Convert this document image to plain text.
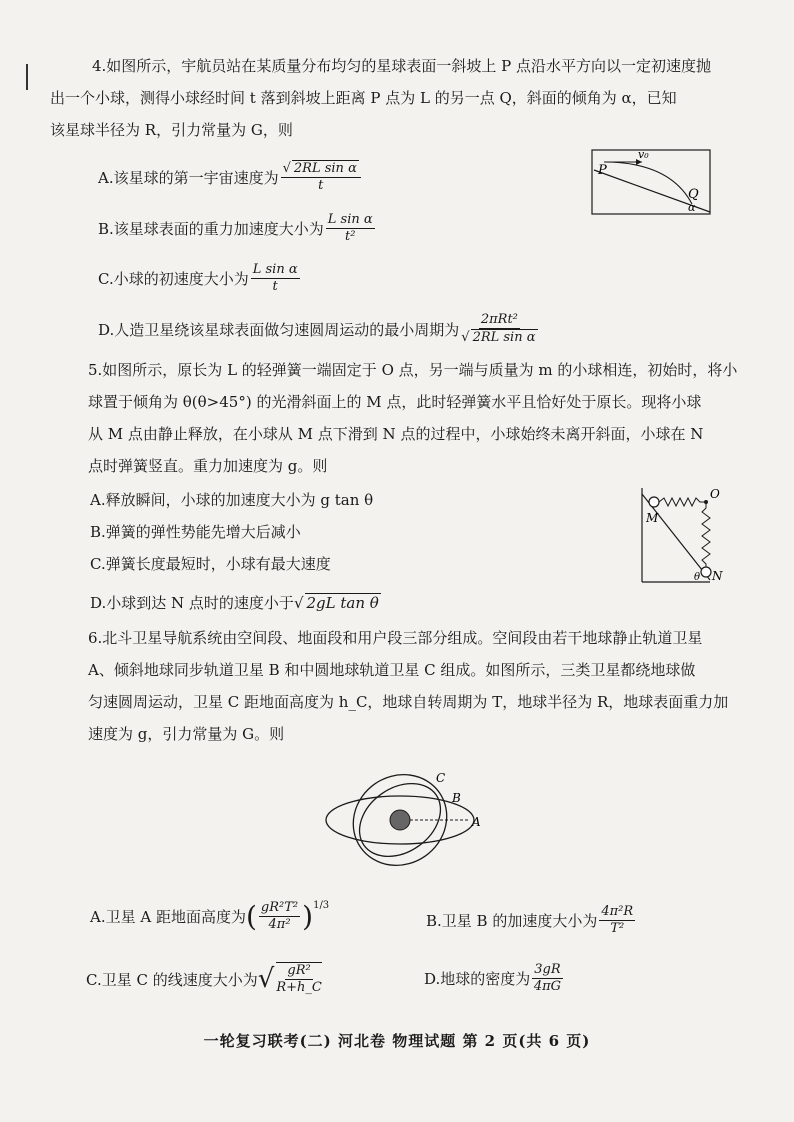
4.如图所示，宇航员站在某质量分布均匀的星球表面一斜坡上 P 点沿水平方向以一定初速度抛
出一个小球，测得小球经时间 t 落到斜坡上距离 P 点为 L 的另一点 Q，斜面的倾角为 α，已知
该星球半径为 R，引力常量为 G，则
A.该星球的第一宇宙速度为 $\frac{\text{√ 2RL sin α}}{t}$
B.该星球表面的重力加速度大小为 $\frac{\text{L sin α}}{\text{t²}}$
C.小球的初速度大小为 $\frac{\text{L sin α}}{t}$
D.人造卫星绕该星球表面做匀速圆周运动的最小周期为 $\frac{\text{2πRt²}}{\text{√ 2RL sin α}}$
P
v₀
Q
α
5.如图所示，原长为 L 的轻弹簧一端固定于 O 点，另一端与质量为 m 的小球相连，初始时，将小
球置于倾角为 θ(θ>45°) 的光滑斜面上的 M 点，此时轻弹簧水平且恰好处于原长。现将小球
从 M 点由静止释放，在小球从 M 点下滑到 N 点的过程中，小球始终未离开斜面，小球在 N
点时弹簧竖直。重力加速度为 g。则
A.释放瞬间，小球的加速度大小为 g tan θ
B.弹簧的弹性势能先增大后减小
C.弹簧长度最短时，小球有最大速度
D.小球到达 N 点时的速度小于 √ 2gL tan θ
O
M
N
θ
6.北斗卫星导航系统由空间段、地面段和用户段三部分组成。空间段由若干地球静止轨道卫星
A、倾斜地球同步轨道卫星 B 和中圆地球轨道卫星 C 组成。如图所示，三类卫星都绕地球做
匀速圆周运动，卫星 C 距地面高度为 h_C，地球自转周期为 T，地球半径为 R，地球表面重力加
速度为 g，引力常量为 G。则
A
B
C
A.卫星 A 距地面高度为 ( $\frac{\text{gR²T²}}{\text{4π²}} )^{1/3}$
B.卫星 B 的加速度大小为 $\frac{\text{4π²R}}{\text{T²}}$
C.卫星 C 的线速度大小为 √ $\frac{\text{gR²}}{R+h\_C}$	D.地球的密度为 $\frac{3gR}{4\pi G}$
一轮复习联考(二) 河北卷 物理试题 第 2 页(共 6 页)
